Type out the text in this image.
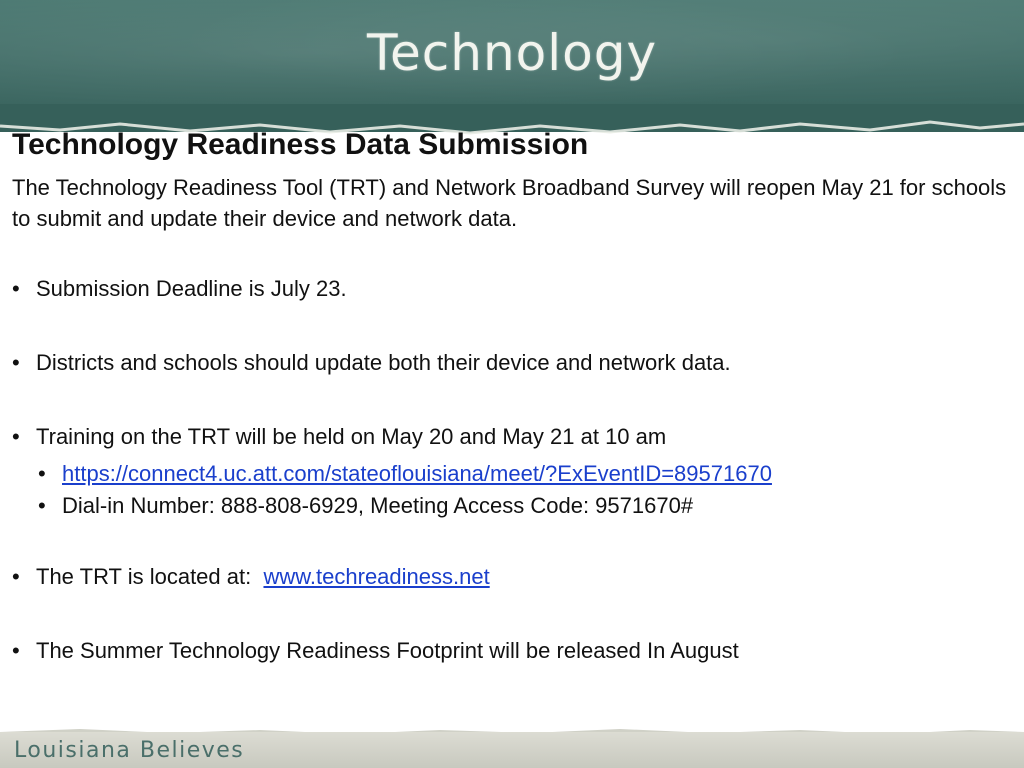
Technology
Technology Readiness Data Submission

The Technology Readiness Tool (TRT) and Network Broadband Survey will reopen May 21 for schools to submit and update their device and network data.

• Submission Deadline is July 23.
• Districts and schools should update both their device and network data.
• Training on the TRT will be held on May 20 and May 21 at 10 am
• https://connect4.uc.att.com/stateoflouisiana/meet/?ExEventID=89571670
• Dial-in Number: 888-808-6929, Meeting Access Code: 9571670#
• The TRT is located at:  www.techreadiness.net
• The Summer Technology Readiness Footprint will be released In August
Louisiana Believes
